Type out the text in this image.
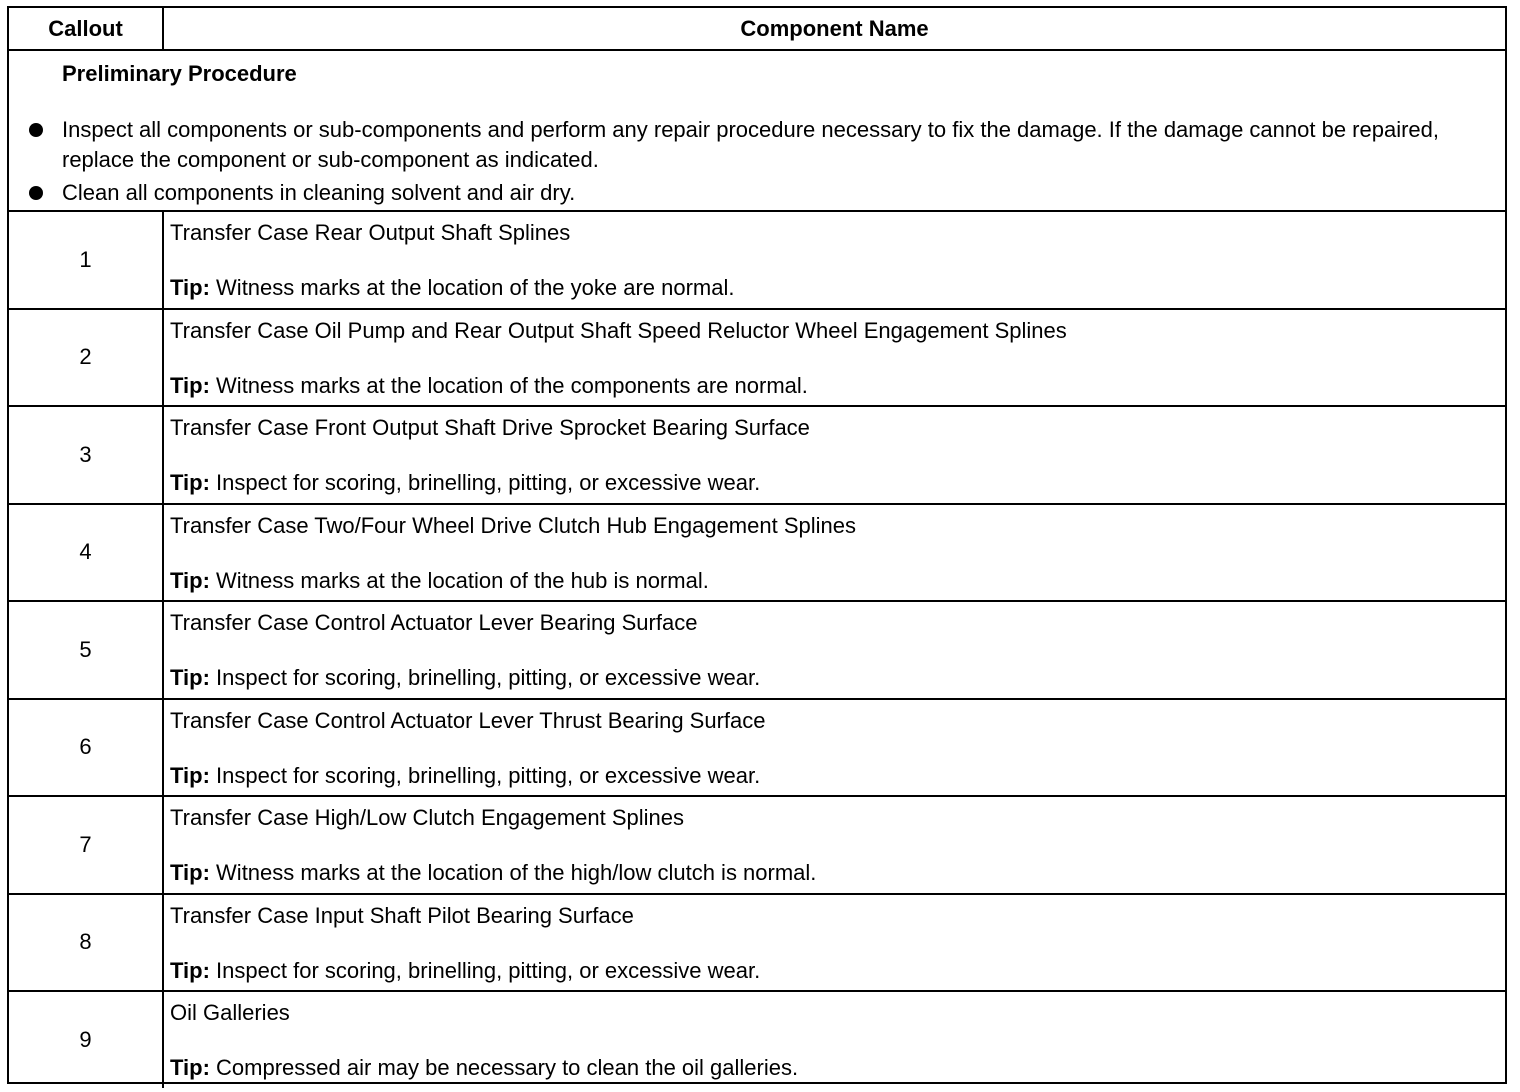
Callout	Component Name
Preliminary Procedure
Inspect all components or sub-components and perform any repair procedure necessary to fix the damage. If the damage cannot be repaired, replace the component or sub-component as indicated.
Clean all components in cleaning solvent and air dry.
1
Transfer Case Rear Output Shaft Splines
Tip: Witness marks at the location of the yoke are normal.
2
Transfer Case Oil Pump and Rear Output Shaft Speed Reluctor Wheel Engagement Splines
Tip: Witness marks at the location of the components are normal.
3
Transfer Case Front Output Shaft Drive Sprocket Bearing Surface
Tip: Inspect for scoring, brinelling, pitting, or excessive wear.
4
Transfer Case Two/Four Wheel Drive Clutch Hub Engagement Splines
Tip: Witness marks at the location of the hub is normal.
5
Transfer Case Control Actuator Lever Bearing Surface
Tip: Inspect for scoring, brinelling, pitting, or excessive wear.
6
Transfer Case Control Actuator Lever Thrust Bearing Surface
Tip: Inspect for scoring, brinelling, pitting, or excessive wear.
7
Transfer Case High/Low Clutch Engagement Splines
Tip: Witness marks at the location of the high/low clutch is normal.
8
Transfer Case Input Shaft Pilot Bearing Surface
Tip: Inspect for scoring, brinelling, pitting, or excessive wear.
9
Oil Galleries
Tip: Compressed air may be necessary to clean the oil galleries.
